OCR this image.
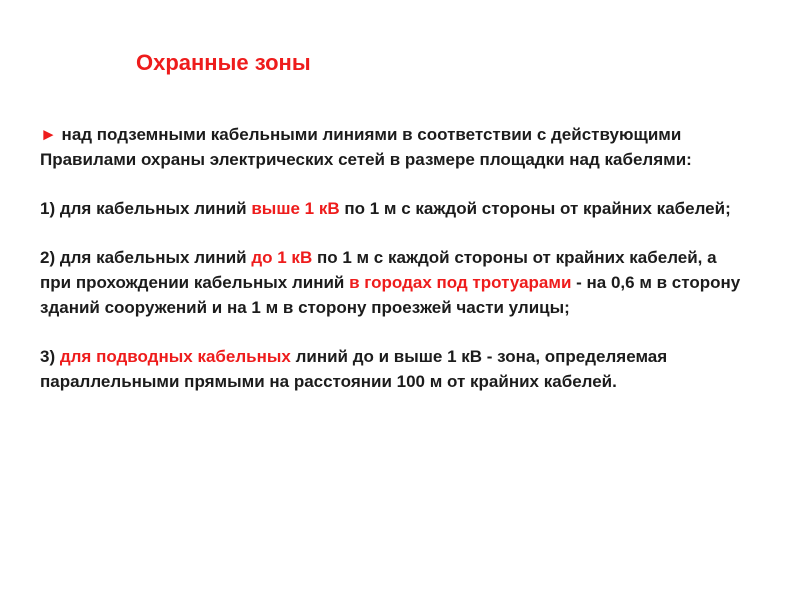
Охранные зоны

► над подземными кабельными линиями в соответствии с действующими Правилами охраны электрических сетей в размере площадки над кабелями:

1) для кабельных линий выше 1 кВ по 1 м с каждой стороны от крайних кабелей;

2) для кабельных линий до 1 кВ по 1 м с каждой стороны от крайних кабелей, а при прохождении кабельных линий в городах под тротуарами - на 0,6 м в сторону зданий сооружений и на 1 м в сторону проезжей части улицы;

3) для подводных кабельных линий до и выше 1 кВ - зона, определяемая параллельными прямыми на расстоянии 100 м от крайних кабелей.
